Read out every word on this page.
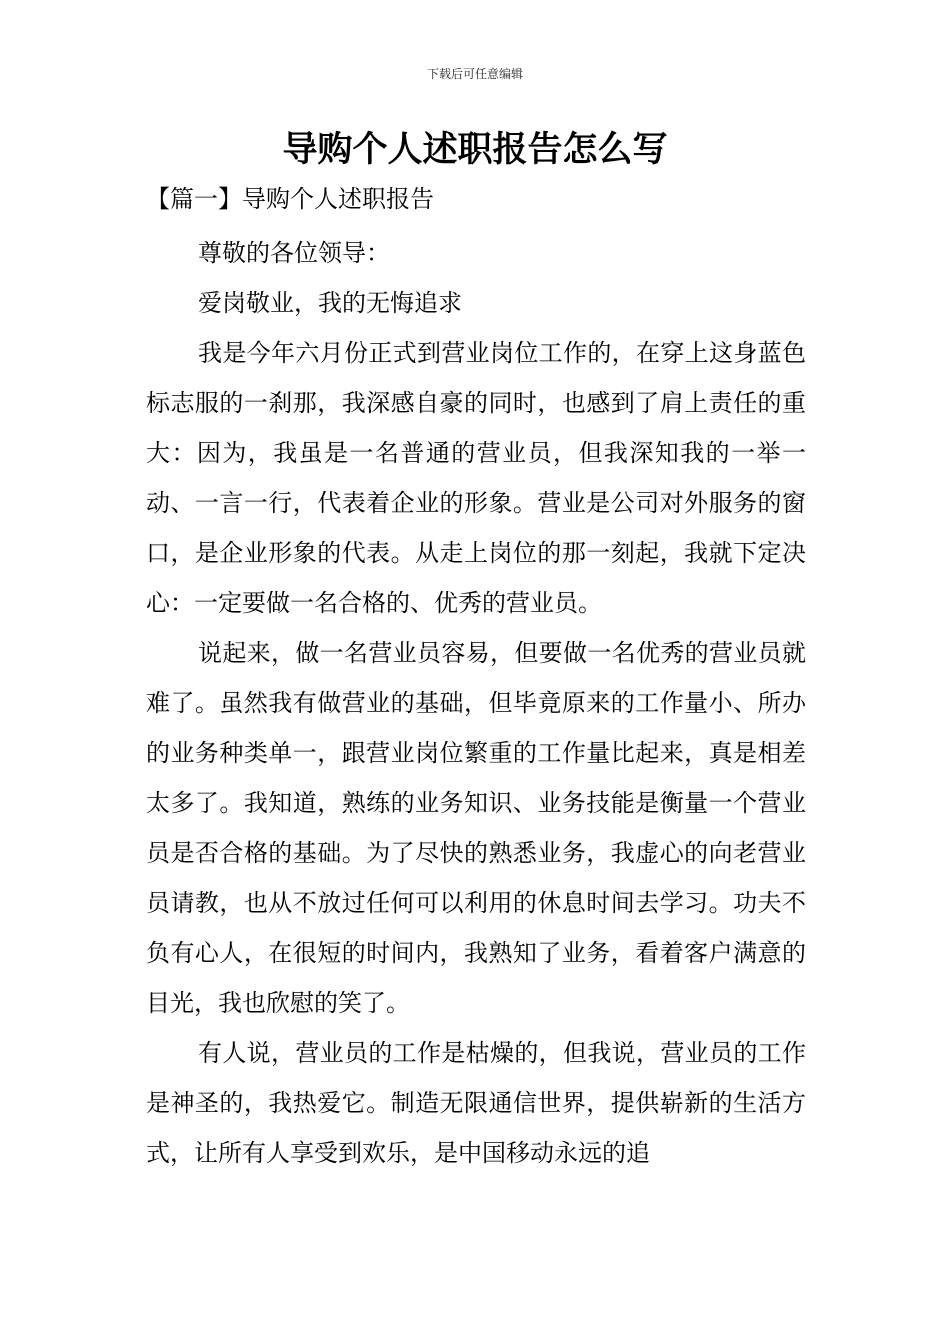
下载后可任意编辑
导购个人述职报告怎么写
【篇一】导购个人述职报告

尊敬的各位领导：

爱岗敬业，我的无悔追求

我是今年六月份正式到营业岗位工作的，在穿上这身蓝色标志服的一刹那，我深感自豪的同时，也感到了肩上责任的重大：因为，我虽是一名普通的营业员，但我深知我的一举一动、一言一行，代表着企业的形象。营业是公司对外服务的窗口，是企业形象的代表。从走上岗位的那一刻起，我就下定决心：一定要做一名合格的、优秀的营业员。

说起来，做一名营业员容易，但要做一名优秀的营业员就难了。虽然我有做营业的基础，但毕竟原来的工作量小、所办的业务种类单一，跟营业岗位繁重的工作量比起来，真是相差太多了。我知道，熟练的业务知识、业务技能是衡量一个营业员是否合格的基础。为了尽快的熟悉业务，我虚心的向老营业员请教，也从不放过任何可以利用的休息时间去学习。功夫不负有心人，在很短的时间内，我熟知了业务，看着客户满意的目光，我也欣慰的笑了。

有人说，营业员的工作是枯燥的，但我说，营业员的工作是神圣的，我热爱它。制造无限通信世界，提供崭新的生活方式，让所有人享受到欢乐，是中国移动永远的追
